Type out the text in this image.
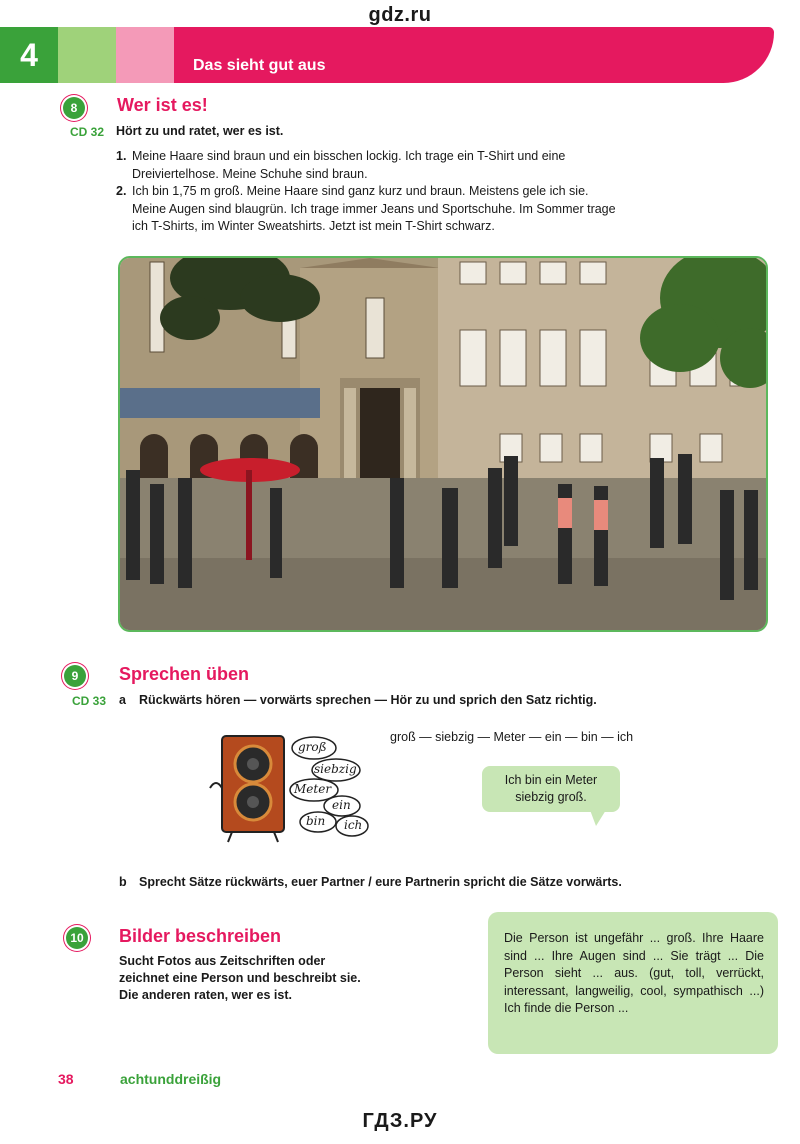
gdz.ru
4	Das sieht gut aus
8	Wer ist es!
CD 32 Hört zu und ratet, wer es ist.
1. Meine Haare sind braun und ein bisschen lockig. Ich trage ein T-Shirt und eine
Dreiviertelhose. Meine Schuhe sind braun.
2. Ich bin 1,75 m groß. Meine Haare sind ganz kurz und braun. Meistens gele ich sie.
Meine Augen sind blaugrün. Ich trage immer Jeans und Sportschuhe. Im Sommer trage
ich T-Shirts, im Winter Sweatshirts. Jetzt ist mein T-Shirt schwarz.
9	Sprechen üben
CD 33 a Rückwärts hören — vorwärts sprechen — Hör zu und sprich den Satz richtig.
groß
siebzig
Meter
ein
bin ich
groß — siebzig — Meter — ein — bin — ich
Ich bin ein Meter
siebzig groß.
b Sprecht Sätze rückwärts, euer Partner / eure Partnerin spricht die Sätze vorwärts.
10 Bilder beschreiben
Sucht Fotos aus Zeitschriften oder
zeichnet eine Person und beschreibt sie.
Die anderen raten, wer es ist.
Die Person ist ungefähr ... groß. Ihre Haare sind ... Ihre Augen sind ... Sie trägt ... Die Person sieht ... aus. (gut, toll, verrückt, interessant, langweilig, cool, sympathisch ...) Ich finde die Person ...
38	achtunddreißig
ГДЗ.РУ
